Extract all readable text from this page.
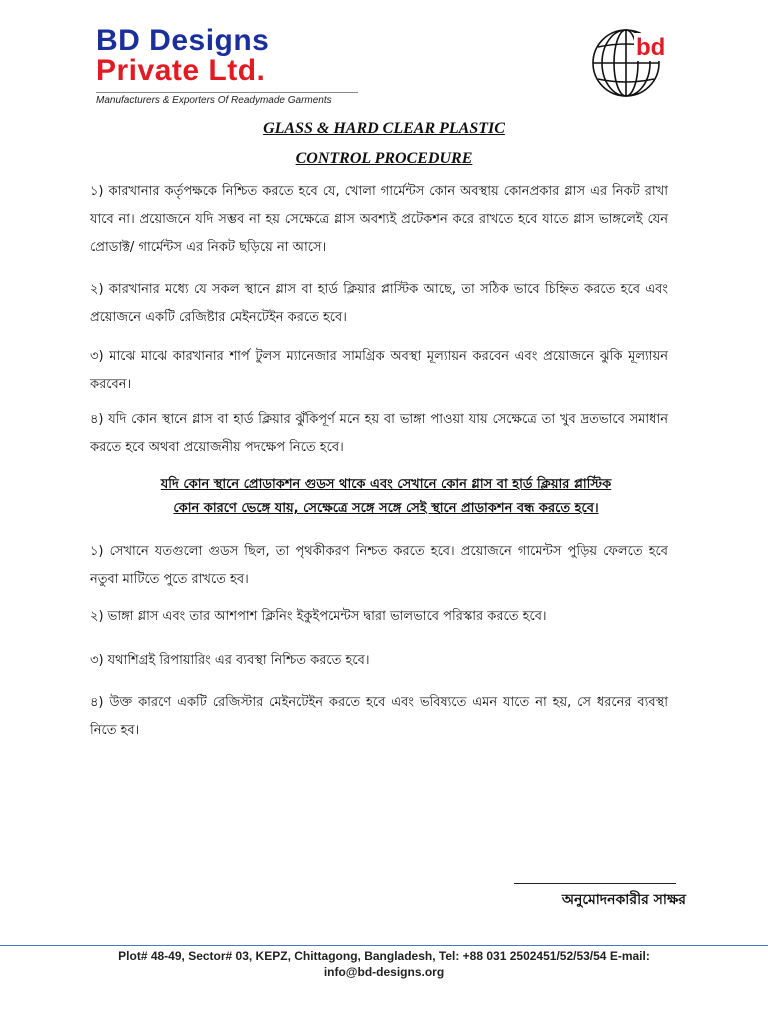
BD Designs
Private Ltd.
Manufacturers & Exporters Of Readymade Garments
bd
GLASS & HARD CLEAR PLASTIC
CONTROL PROCEDURE
১) কারখানার কর্তৃপক্ষকে নিশ্চিত করতে হবে যে, খোলা গার্মেন্টস কোন অবস্থায় কোনপ্রকার গ্লাস এর নিকট রাখা যাবে না। প্রয়োজনে যদি সম্ভব না হয় সেক্ষেত্রে গ্লাস অবশ্যই প্রটেকশন করে রাখতে হবে যাতে গ্লাস ভাঙ্গলেই যেন প্রোডাক্ট/ গার্মেন্টস এর নিকট ছড়িয়ে না আসে।
২) কারখানার মধ্যে যে সকল স্থানে গ্লাস বা হার্ড ক্লিয়ার প্লাস্টিক আছে, তা সঠিক ভাবে চিহ্নিত করতে হবে এবং প্রয়োজনে একটি রেজিষ্টার মেইনটেইন করতে হবে।
৩) মাঝে মাঝে কারখানার শার্প টুলস ম্যানেজার সামগ্রিক অবস্থা মূল্যায়ন করবেন এবং প্রয়োজনে ঝুকি মূল্যায়ন করবেন।
৪) যদি কোন স্থানে গ্লাস বা হার্ড ক্লিয়ার ঝুঁকিপূর্ণ মনে হয় বা ভাঙ্গা পাওয়া যায় সেক্ষেত্রে তা খুব দ্রতভাবে সমাধান করতে হবে অথবা প্রয়োজনীয় পদক্ষেপ নিতে হবে।
যদি কোন স্থানে প্রোডাকশন গুডস থাকে এবং সেখানে কোন গ্লাস বা হার্ড ক্লিয়ার প্লাস্টিক
কোন কারণে ভেঙ্গে যায়, সেক্ষেত্রে সঙ্গে সঙ্গে সেই স্থানে প্রাডাকশন বন্ধ করতে হবে।
১) সেখানে যতগুলো গুডস ছিল, তা পৃথকীকরণ নিশ্চত করতে হবে। প্রয়োজনে গামেন্টস পুড়িয় ফেলতে হবে নতুবা মাটিতে পুতে রাখতে হব।
২) ভাঙ্গা গ্লাস এবং তার আশপাশ ক্লিনিং ইকুইপমেন্টস দ্বারা ভালভাবে পরিস্কার করতে হবে।
৩) যথাশিগ্রই রিপায়ারিং এর ব্যবস্থা নিশ্চিত করতে হবে।
৪) উক্ত কারণে একটি রেজিস্টার মেইনটেইন করতে হবে এবং ভবিষ্যতে এমন যাতে না হয়, সে ধরনের ব্যবস্থা নিতে হব।
অনুমোদনকারীর সাক্ষর
Plot# 48-49, Sector# 03, KEPZ, Chittagong, Bangladesh, Tel: +88 031 2502451/52/53/54 E-mail:
info@bd-designs.org
